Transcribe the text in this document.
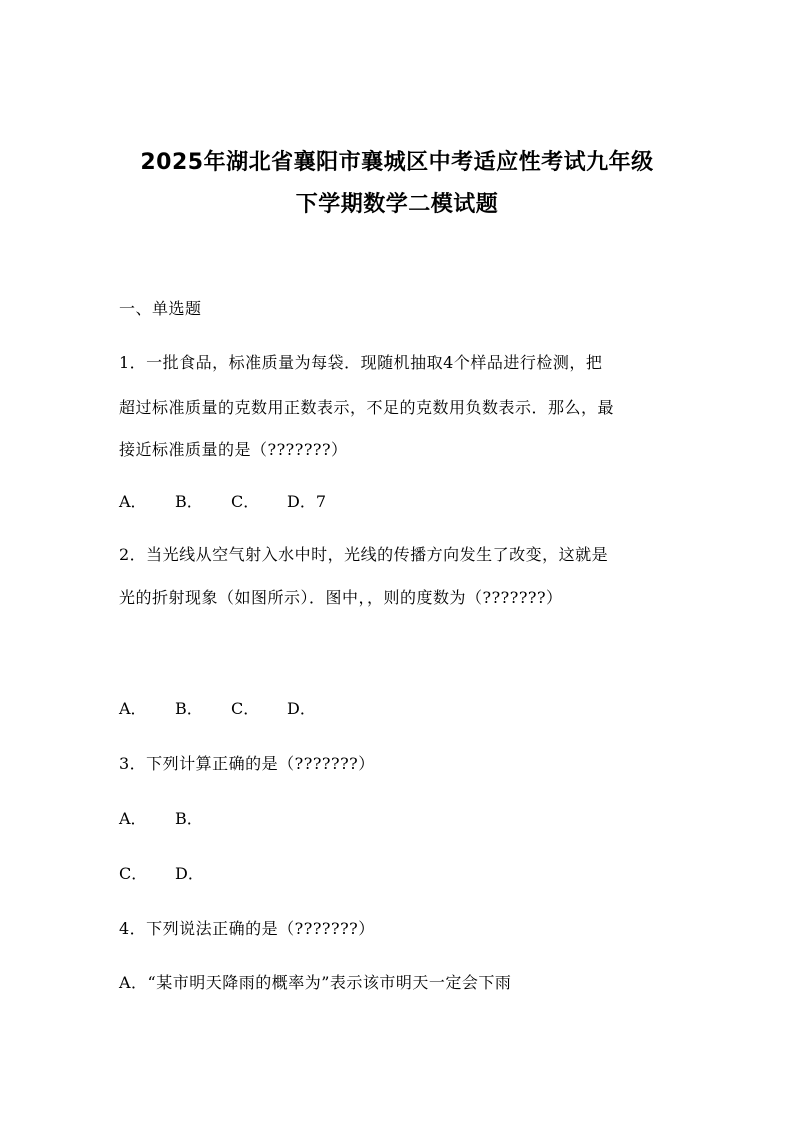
2025年湖北省襄阳市襄城区中考适应性考试九年级
下学期数学二模试题
一、单选题
1．一批食品，标准质量为每袋．现随机抽取4个样品进行检测，把
超过标准质量的克数用正数表示，不足的克数用负数表示．那么，最
接近标准质量的是（???????）
A． B． C． D．7
2．当光线从空气射入水中时，光线的传播方向发生了改变，这就是
光的折射现象（如图所示）．图中，，则的度数为（???????）
A． B． C． D．
3．下列计算正确的是（???????）
A． B．
C． D．
4．下列说法正确的是（???????）
A．“某市明天降雨的概率为”表示该市明天一定会下雨
